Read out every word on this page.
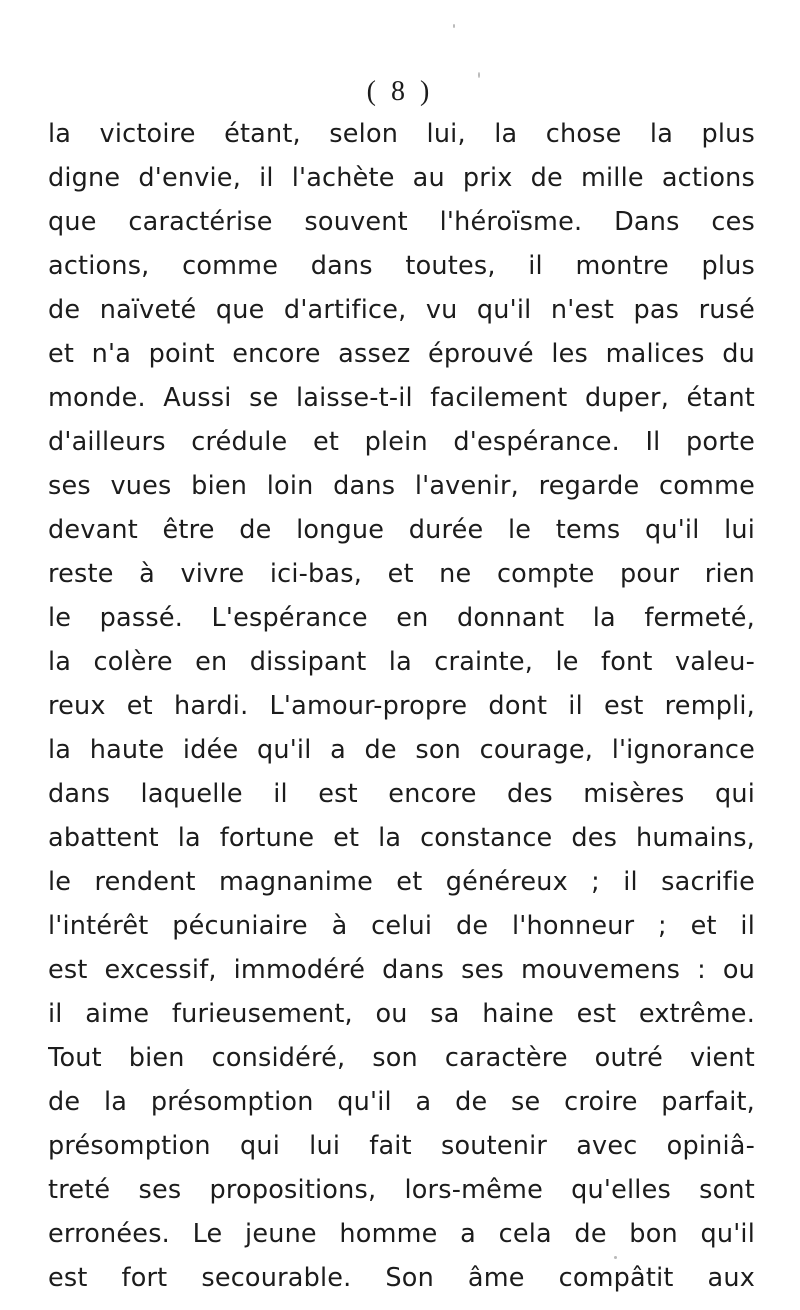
( 8 )
la victoire étant, selon lui, la chose la plus
digne d'envie, il l'achète au prix de mille actions
que caractérise souvent l'héroïsme. Dans ces
actions, comme dans toutes, il montre plus
de naïveté que d'artifice, vu qu'il n'est pas rusé
et n'a point encore assez éprouvé les malices du
monde. Aussi se laisse-t-il facilement duper, étant
d'ailleurs crédule et plein d'espérance. Il porte
ses vues bien loin dans l'avenir, regarde comme
devant être de longue durée le tems qu'il lui
reste à vivre ici-bas, et ne compte pour rien
le passé. L'espérance en donnant la fermeté,
la colère en dissipant la crainte, le font valeu-
reux et hardi. L'amour-propre dont il est rempli,
la haute idée qu'il a de son courage, l'ignorance
dans laquelle il est encore des misères qui
abattent la fortune et la constance des humains,
le rendent magnanime et généreux ; il sacrifie
l'intérêt pécuniaire à celui de l'honneur ; et il
est excessif, immodéré dans ses mouvemens : ou
il aime furieusement, ou sa haine est extrême.
Tout bien considéré, son caractère outré vient
de la présomption qu'il a de se croire parfait,
présomption qui lui fait soutenir avec opiniâ-
treté ses propositions, lors-même qu'elles sont
erronées. Le jeune homme a cela de bon qu'il
est fort secourable. Son âme compâtit aux
